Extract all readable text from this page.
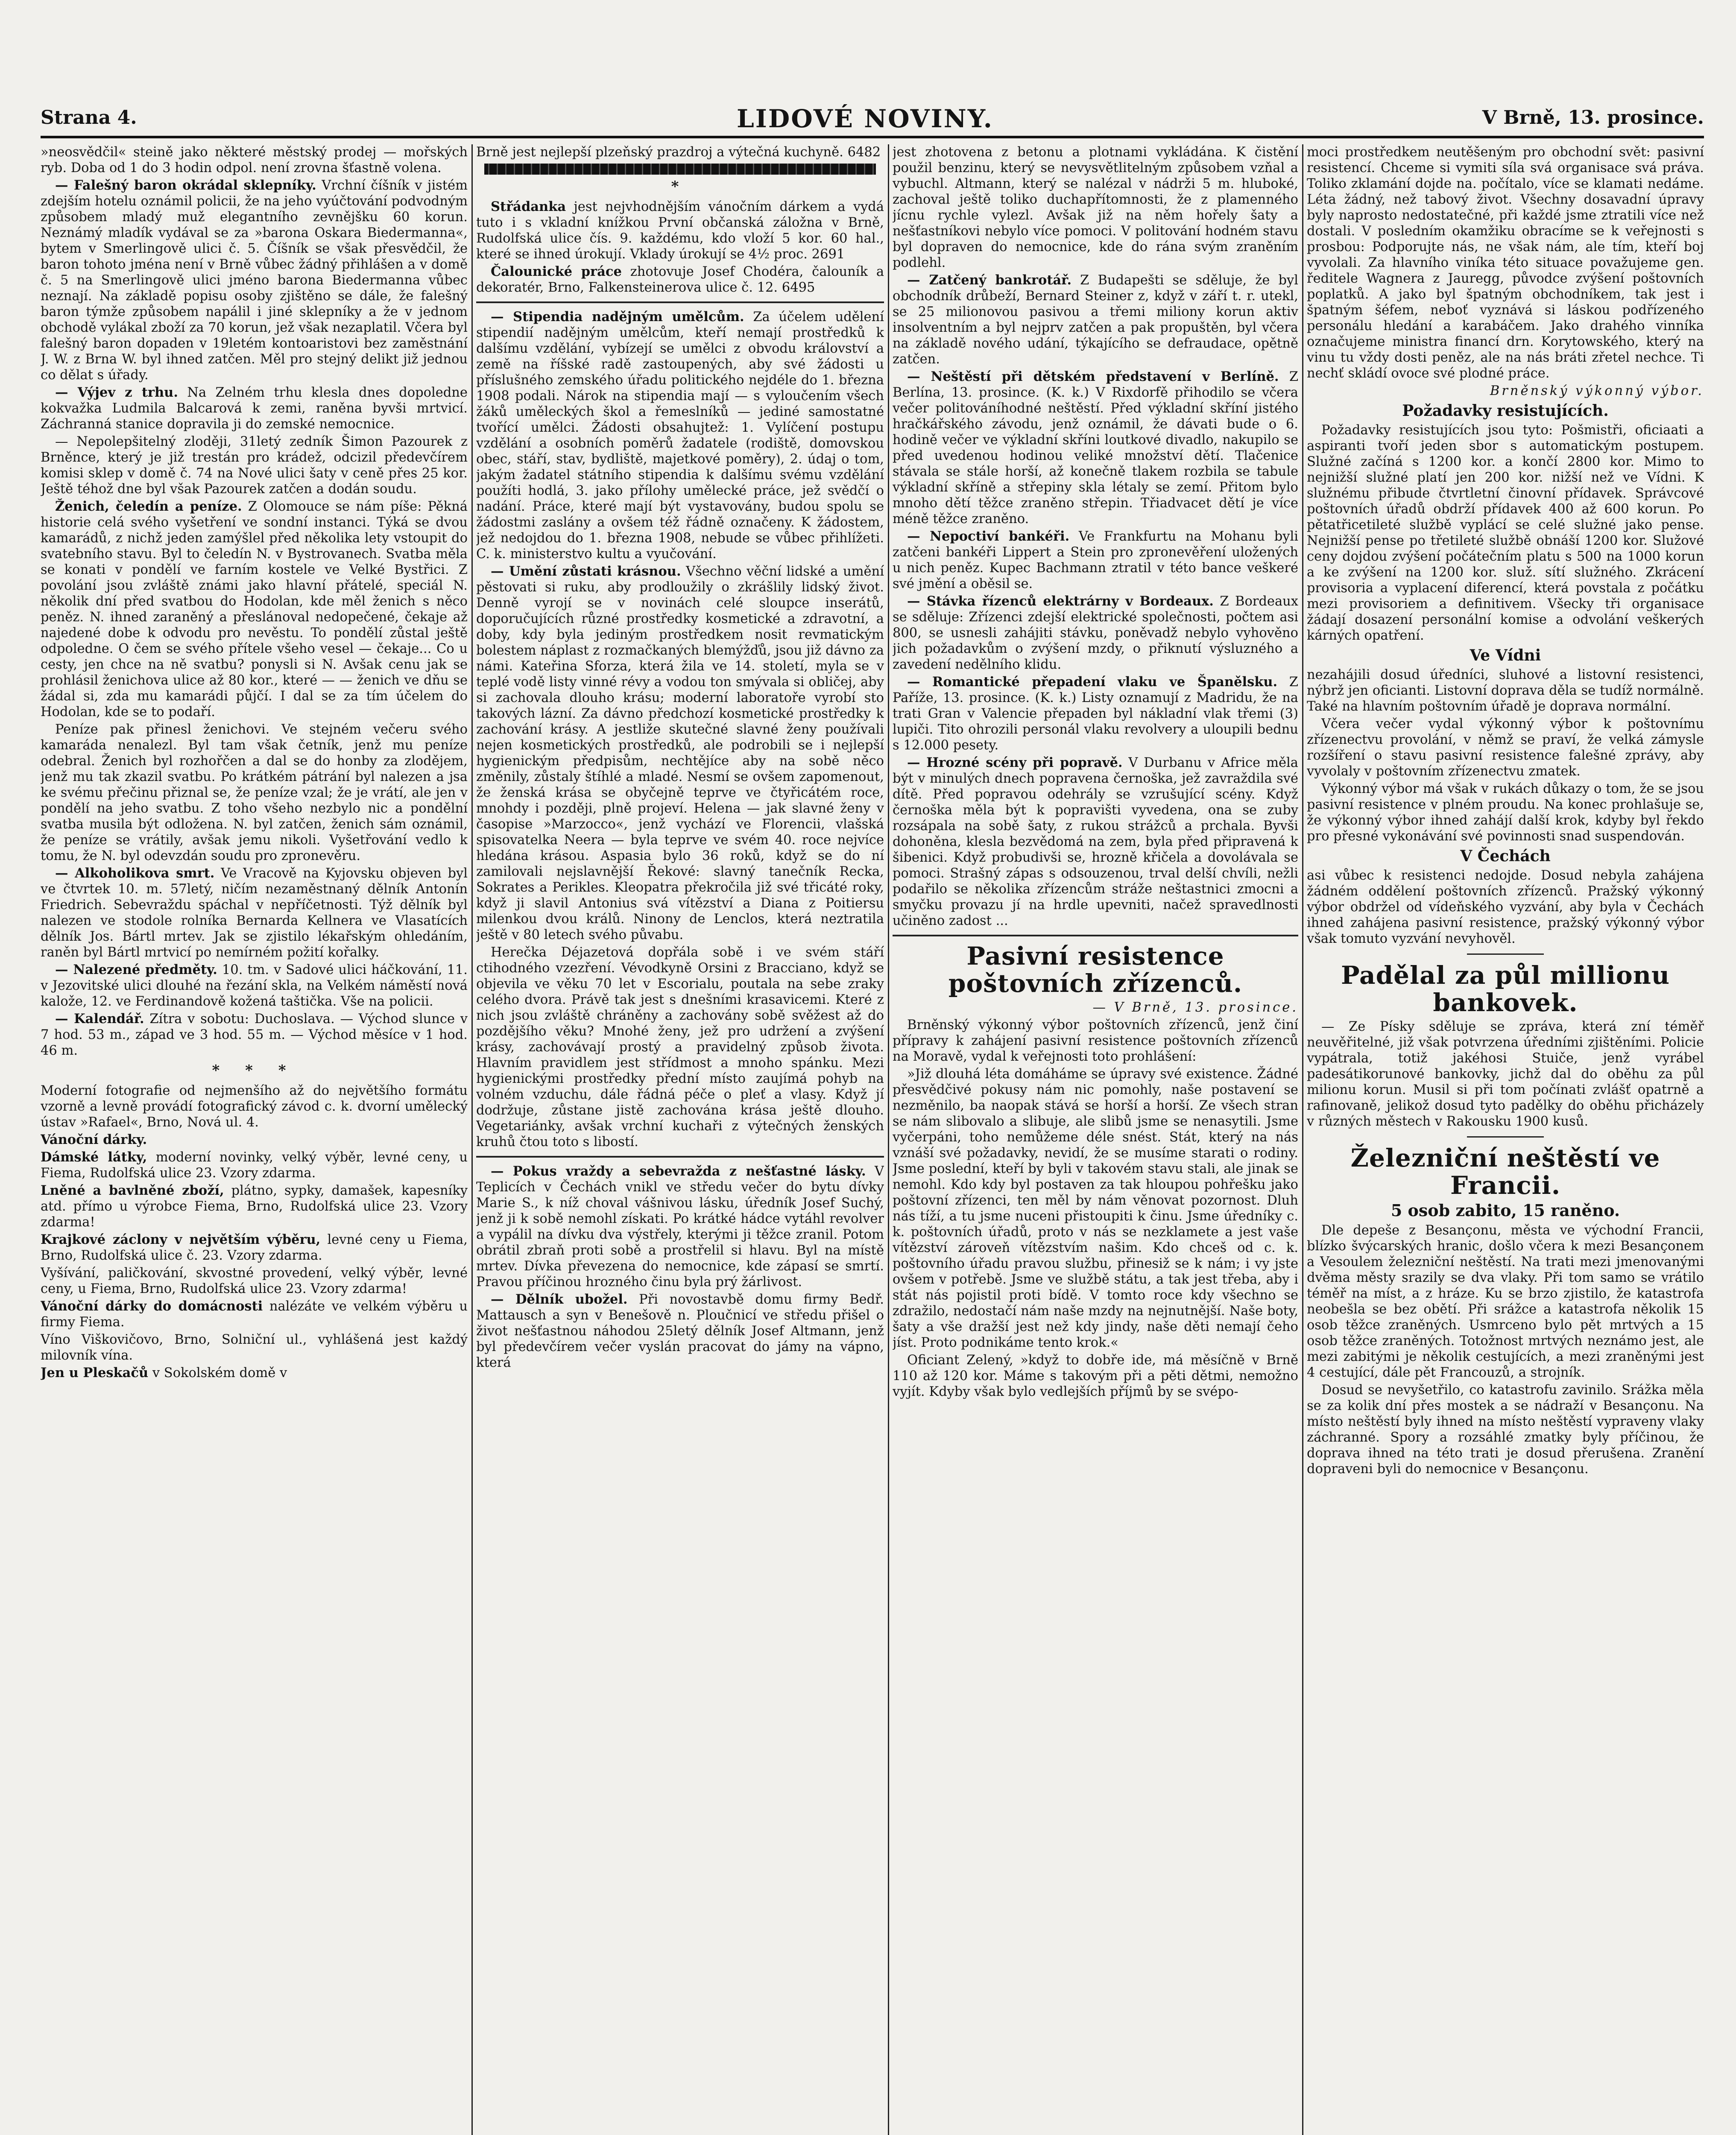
Strana 4.	LIDOVÉ NOVINY.	V Brně, 13. prosince.

»neosvědčil« steině jako některé městský prodej — mořských ryb. Doba od 1 do 3 hodin odpol. není zrovna šťastně volena.

— Falešný baron okrádal sklepníky. Vrchní číšník v jistém zdejším hotelu oznámil policii, že na jeho vyúčtování podvodným způsobem mladý muž elegantního zevnějšku 60 korun. Neznámý mladík vydával se za »barona Oskara Biedermanna«, bytem v Smerlingově ulici č. 5. Číšník se však přesvědčil, že baron tohoto jména není v Brně vůbec žádný přihlášen a v domě č. 5 na Smerlingově ulici jméno barona Biedermanna vůbec neznají. Na základě popisu osoby zjištěno se dále, že falešný baron týmže způsobem napálil i jiné sklepníky a že v jednom obchodě vylákal zboží za 70 korun, jež však nezaplatil. Včera byl falešný baron dopaden v 19letém kontoaristovi bez zaměstnání J. W. z Brna W. byl ihned zatčen. Měl pro stejný delikt již jednou co dělat s úřady.

— Výjev z trhu. Na Zelném trhu klesla dnes dopoledne kokvažka Ludmila Balcarová k zemi, raněna byvši mrtvicí. Záchranná stanice dopravila ji do zemské nemocnice.

— Nepolepšitelný zloději, 31letý zedník Šimon Pazourek z Brněnce, který je již trestán pro krádež, odcizil předevčírem komisi sklep v domě č. 74 na Nové ulici šaty v ceně přes 25 kor. Ještě téhož dne byl však Pazourek zatčen a dodán soudu.

Ženich, čeledín a peníze. Z Olomouce se nám píše: Pěkná historie celá svého vyšetření ve sondní instanci. Týká se dvou kamarádů, z nichž jeden zamýšlel před několika lety vstoupit do svatebního stavu. Byl to čeledín N. v Bystrovanech. Svatba měla se konati v pondělí ve farním kostele ve Velké Bystřici. Z povolání jsou zvláště známi jako hlavní přátelé, speciál N. několik dní před svatbou do Hodolan, kde měl ženich s něco peněz. N. ihned zaraněný a přeslánoval nedopečené, čekaje až najedené dobe k odvodu pro nevěstu. To pondělí zůstal ještě odpoledne. O čem se svého přítele všeho vesel — čekaje... Co u cesty, jen chce na ně svatbu? ponysli si N. Avšak cenu jak se prohlásil ženichova ulice až 80 kor., které — — ženich ve dňu se žádal si, zda mu kamarádi půjčí. I dal se za tím účelem do Hodolan, kde se to podaří.

Peníze pak přinesl ženichovi. Ve stejném večeru svého kamaráda nenalezl. Byl tam však četník, jenž mu peníze odebral. Ženich byl rozhořčen a dal se do honby za zlodějem, jenž mu tak zkazil svatbu. Po krátkém pátrání byl nalezen a jsa ke svému přečinu přiznal se, že peníze vzal; že je vrátí, ale jen v pondělí na jeho svatbu. Z toho všeho nezbylo nic a pondělní svatba musila být odložena. N. byl zatčen, ženich sám oznámil, že peníze se vrátily, avšak jemu nikoli. Vyšetřování vedlo k tomu, že N. byl odevzdán soudu pro zpronevěru.

— Alkoholikova smrt. Ve Vracově na Kyjovsku objeven byl ve čtvrtek 10. m. 57letý, ničím nezaměstnaný dělník Antonín Friedrich. Sebevraždu spáchal v nepříčetnosti. Týž dělník byl nalezen ve stodole rolníka Bernarda Kellnera ve Vlasatících dělník Jos. Bártl mrtev. Jak se zjistilo lékařským ohledáním, raněn byl Bártl mrtvicí po nemírném požití kořalky.

— Nalezené předměty. 10. tm. v Sadové ulici háčkování, 11. v Jezovitské ulici dlouhé na řezání skla, na Velkém náměstí nová kalože, 12. ve Ferdinandově kožená taštička. Vše na policii.

— Kalendář. Zítra v sobotu: Duchoslava. — Východ slunce v 7 hod. 53 m., západ ve 3 hod. 55 m. — Východ měsíce v 1 hod. 46 m.

* * *

Moderní fotografie od nejmenšího až do největšího formátu vzorně a levně provádí fotografický závod c. k. dvorní umělecký ústav »Rafael«, Brno, Nová ul. 4.

Vánoční dárky.

Dámské látky, moderní novinky, velký výběr, levné ceny, u Fiema, Rudolfská ulice 23. Vzory zdarma.

Lněné a bavlněné zboží, plátno, sypky, damašek, kapesníky atd. přímo u výrobce Fiema, Brno, Rudolfská ulice 23. Vzory zdarma!

Krajkové záclony v největším výběru, levné ceny u Fiema, Brno, Rudolfská ulice č. 23. Vzory zdarma.

Vyšívání, paličkování, skvostné provedení, velký výběr, levné ceny, u Fiema, Brno, Rudolfská ulice 23. Vzory zdarma!

Vánoční dárky do domácnosti nalézáte ve velkém výběru u firmy Fiema.

Víno Viškovičovo, Brno, Solniční ul., vyhlášená jest každý milovník vína.

Jen u Pleskačů v Sokolském domě v

Brně jest nejlepší plzeňský prazdroj a výtečná kuchyně. 6482

*

Střádanka jest nejvhodnějším vánočním dárkem a vydá tuto i s vkladní knížkou První občanská záložna v Brně, Rudolfská ulice čís. 9. každému, kdo vloží 5 kor. 60 hal., které se ihned úrokují. Vklady úrokují se 4½ proc. 2691

Čalounické práce zhotovuje Josef Chodéra, čalouník a dekoratér, Brno, Falkensteinerova ulice č. 12. 6495

— Stipendia nadějným umělcům. Za účelem udělení stipendií nadějným umělcům, kteří nemají prostředků k dalšímu vzdělání, vybízejí se umělci z obvodu království a země na říšské radě zastoupených, aby své žádosti u příslušného zemského úřadu politického nejdéle do 1. března 1908 podali. Nárok na stipendia mají — s vyloučením všech žáků uměleckých škol a řemeslníků — jediné samostatné tvořící umělci. Žádosti obsahujtež: 1. Vylíčení postupu vzdělání a osobních poměrů žadatele (rodiště, domovskou obec, stáří, stav, bydliště, majetkové poměry), 2. údaj o tom, jakým žadatel státního stipendia k dalšímu svému vzdělání použíti hodlá, 3. jako přílohy umělecké práce, jež svědčí o nadání. Práce, které mají být vystavovány, budou spolu se žádostmi zaslány a ovšem též řádně označeny. K žádostem, jež nedojdou do 1. března 1908, nebude se vůbec přihlížeti. C. k. ministerstvo kultu a vyučování.

— Umění zůstati krásnou. Všechno věční lidské a umění pěstovati si ruku, aby prodloužily o zkrášlily lidský život. Denně vyrojí se v novinách celé sloupce inserátů, doporučujících různé prostředky kosmetické a zdravotní, a doby, kdy byla jediným prostředkem nosit revmatickým bolestem náplast z rozmačkaných blemýžďů, jsou již dávno za námi. Kateřina Sforza, která žila ve 14. století, myla se v teplé vodě listy vinné révy a vodou ton smývala si obličej, aby si zachovala dlouho krásu; moderní laboratoře vyrobí sto takových lázní. Za dávno předchozí kosmetické prostředky k zachování krásy. A jestliže skutečné slavné ženy používali nejen kosmetických prostředků, ale podrobili se i nejlepší hygienickým předpisům, nechtějíce aby na sobě něco změnily, zůstaly štíhlé a mladé. Nesmí se ovšem zapomenout, že ženská krása se obyčejně teprve ve čtyřicátém roce, mnohdy i později, plně projeví. Helena — jak slavné ženy v časopise »Marzocco«, jenž vychází ve Florencii, vlašská spisovatelka Neera — byla teprve ve svém 40. roce nejvíce hledána krásou. Aspasia bylo 36 roků, když se do ní zamilovali nejslavnější Řekové: slavný tanečník Recka, Sokrates a Perikles. Kleopatra překročila již své třicáté roky, když ji slavil Antonius svá vítězství a Diana z Poitiersu milenkou dvou králů. Ninony de Lenclos, která neztratila ještě v 80 letech svého půvabu.

Herečka Déjazetová dopřála sobě i ve svém stáří ctihodného vzezření. Vévodkyně Orsini z Bracciano, když se objevila ve věku 70 let v Escorialu, poutala na sebe zraky celého dvora. Právě tak jest s dnešními krasavicemi. Které z nich jsou zvláště chráněny a zachovány sobě svěžest až do pozdějšího věku? Mnohé ženy, jež pro udržení a zvýšení krásy, zachovávají prostý a pravidelný způsob života. Hlavním pravidlem jest střídmost a mnoho spánku. Mezi hygienickými prostředky přední místo zaujímá pohyb na volném vzduchu, dále řádná péče o pleť a vlasy. Když jí dodržuje, zůstane jistě zachována krása ještě dlouho. Vegetariánky, avšak vrchní kuchaři z výtečných ženských kruhů čtou toto s libostí.

— Pokus vraždy a sebevražda z nešťastné lásky. V Teplicích v Čechách vnikl ve středu večer do bytu dívky Marie S., k níž choval vášnivou lásku, úředník Josef Suchý, jenž ji k sobě nemohl získati. Po krátké hádce vytáhl revolver a vypálil na dívku dva výstřely, kterými ji těžce zranil. Potom obrátil zbraň proti sobě a prostřelil si hlavu. Byl na místě mrtev. Dívka převezena do nemocnice, kde zápasí se smrtí. Pravou příčinou hrozného činu byla prý žárlivost.

— Dělník ubožel. Při novostavbě domu firmy Bedř. Mattausch a syn v Benešově n. Ploučnicí ve středu přišel o život nešťastnou náhodou 25letý dělník Josef Altmann, jenž byl předevčírem večer vyslán pracovat do jámy na vápno, která

jest zhotovena z betonu a plotnami vykládána. K čistění použil benzinu, který se nevysvětlitelným způsobem vzňal a vybuchl. Altmann, který se nalézal v nádrži 5 m. hluboké, zachoval ještě toliko duchapřítomnosti, že z plamenného jícnu rychle vylezl. Avšak již na něm hořely šaty a nešťastníkovi nebylo více pomoci. V politování hodném stavu byl dopraven do nemocnice, kde do rána svým zraněním podlehl.

— Zatčený bankrotář. Z Budapešti se sděluje, že byl obchodník drůbeží, Bernard Steiner z, když v září t. r. utekl, se 25 milionovou pasivou a třemi miliony korun aktiv insolventním a byl nejprv zatčen a pak propuštěn, byl včera na základě nového udání, týkajícího se defraudace, opětně zatčen.

— Neštěstí při dětském představení v Berlíně. Z Berlína, 13. prosince. (K. k.) V Rixdorfě přihodilo se včera večer politováníhodné neštěstí. Před výkladní skříní jistého hračkářského závodu, jenž oznámil, že dávati bude o 6. hodině večer ve výkladní skříni loutkové divadlo, nakupilo se před uvedenou hodinou veliké množství dětí. Tlačenice stávala se stále horší, až konečně tlakem rozbila se tabule výkladní skříně a střepiny skla létaly se zemí. Přitom bylo mnoho dětí těžce zraněno střepin. Třiadvacet dětí je více méně těžce zraněno.

— Nepoctiví bankéři. Ve Frankfurtu na Mohanu byli zatčeni bankéři Lippert a Stein pro zpronevěření uložených u nich peněz. Kupec Bachmann ztratil v této bance veškeré své jmění a oběsil se.

— Stávka řízenců elektrárny v Bordeaux. Z Bordeaux se sděluje: Zřízenci zdejší elektrické společnosti, počtem asi 800, se usnesli zahájiti stávku, poněvadž nebylo vyhověno jich požadavkům o zvýšení mzdy, o přiknutí výsluzného a zavedení nedělního klidu.

— Romantické přepadení vlaku ve Španělsku. Z Paříže, 13. prosince. (K. k.) Listy oznamují z Madridu, že na trati Gran v Valencie přepaden byl nákladní vlak třemi (3) lupiči. Tito ohrozili personál vlaku revolvery a uloupili bednu s 12.000 pesety.

— Hrozné scény při popravě. V Durbanu v Africe měla být v minulých dnech popravena černoška, jež zavraždila své dítě. Před popravou odehrály se vzrušující scény. Když černoška měla být k popravišti vyvedena, ona se zuby rozsápala na sobě šaty, z rukou strážců a prchala. Byvši dohoněna, klesla bezvědomá na zem, byla před připravená k šibenici. Když probudivši se, hrozně křičela a dovolávala se pomoci. Strašný zápas s odsouzenou, trval delší chvíli, nežli podařilo se několika zřízencům stráže neštastnici zmocni a smyčku provazu jí na hrdle upevniti, načež spravedlnosti učiněno zadost ...

Pasivní resistence poštovních zřízenců.

— V Brně, 13. prosince.

Brněnský výkonný výbor poštovních zřízenců, jenž činí přípravy k zahájení pasivní resistence poštovních zřízenců na Moravě, vydal k veřejnosti toto prohlášení:

»Již dlouhá léta domáháme se úpravy své existence. Žádné přesvědčivé pokusy nám nic pomohly, naše postavení se nezměnilo, ba naopak stává se horší a horší. Ze všech stran se nám slibovalo a slibuje, ale slibů jsme se nenasytili. Jsme vyčerpáni, toho nemůžeme déle snést. Stát, který na nás vznáší své požadavky, nevidí, že se musíme starati o rodiny. Jsme poslední, kteří by byli v takovém stavu stali, ale jinak se nemohl. Kdo kdy byl postaven za tak hloupou pohřešku jako poštovní zřízenci, ten měl by nám věnovat pozornost. Dluh nás tíží, a tu jsme nuceni přistoupiti k činu. Jsme úředníky c. k. poštovních úřadů, proto v nás se nezklamete a jest vaše vítězství zároveň vítězstvím našim. Kdo chceš od c. k. poštovního úřadu pravou službu, přinesiž se k nám; i vy jste ovšem v potřebě. Jsme ve službě státu, a tak jest třeba, aby i stát nás pojistil proti bídě. V tomto roce kdy všechno se zdražilo, nedostačí nám naše mzdy na nejnutnější. Naše boty, šaty a vše dražší jest než kdy jindy, naše děti nemají čeho jíst. Proto podnikáme tento krok.«

Oficiant Zelený, »když to dobře ide, má měsíčně v Brně 110 až 120 kor. Máme s takovým při a pěti dětmi, nemožno vyjít. Kdyby však bylo vedlejších příjmů by se svépo-

moci prostředkem neutěšeným pro obchodní svět: pasivní resistencí. Chceme si vymiti síla svá organisace svá práva. Toliko zklamání dojde na. počítalo, více se klamati nedáme. Léta žádný, než tabový život. Všechny dosavadní úpravy byly naprosto nedostatečné, při každé jsme ztratili více než dostali. V posledním okamžiku obracíme se k veřejnosti s prosbou: Podporujte nás, ne však nám, ale tím, kteří boj vyvolali. Za hlavního viníka této situace považujeme gen. ředitele Wagnera z Jauregg, původce zvýšení poštovních poplatků. A jako byl špatným obchodníkem, tak jest i špatným šéfem, neboť vyznává si láskou podřízeného personálu hledání a karabáčem. Jako drahého vinníka označujeme ministra financí drn. Korytowského, který na vinu tu vždy dosti peněz, ale na nás bráti zřetel nechce. Ti nechť skládí ovoce své plodné práce.

Brněnský výkonný výbor.

Požadavky resistujících.

Požadavky resistujících jsou tyto: Pošmistři, oficiaati a aspiranti tvoří jeden sbor s automatickým postupem. Služné začíná s 1200 kor. a končí 2800 kor. Mimo to nejnižší služné platí jen 200 kor. nižší než ve Vídni. K služnému přibude čtvrtletní činovní přídavek. Správcové poštovních úřadů obdrží přídavek 400 až 600 korun. Po pětatřicetileté službě vyplácí se celé služné jako pense. Nejnižší pense po třetileté službě obnáší 1200 kor. Služové ceny dojdou zvýšení počátečním platu s 500 na 1000 korun a ke zvýšení na 1200 kor. služ. sítí služného. Zkrácení provisoria a vyplacení diferencí, která povstala z počátku mezi provisoriem a definitivem. Všecky tři organisace žádají dosazení personální komise a odvolání veškerých kárných opatření.

Ve Vídni

nezahájili dosud úředníci, sluhové a listovní resistenci, nýbrž jen oficianti. Listovní doprava děla se tudíž normálně. Také na hlavním poštovním úřadě je doprava normální.

Včera večer vydal výkonný výbor k poštovnímu zřízenectvu provolání, v němž se praví, že velká zámysle rozšíření o stavu pasivní resistence falešné zprávy, aby vyvolaly v poštovním zřízenectvu zmatek.

Výkonný výbor má však v rukách důkazy o tom, že se jsou pasivní resistence v plném proudu. Na konec prohlašuje se, že výkonný výbor ihned zahájí další krok, kdyby byl řekdo pro přesné vykonávání své povinnosti snad suspendován.

V Čechách

asi vůbec k resistenci nedojde. Dosud nebyla zahájena žádném oddělení poštovních zřízenců. Pražský výkonný výbor obdržel od vídeňského vyzvání, aby byla v Čechách ihned zahájena pasivní resistence, pražský výkonný výbor však tomuto vyzvání nevyhověl.

Padělal za půl millionu bankovek.

— Ze Písky sděluje se zpráva, která zní téměř neuvěřitelné, již však potvrzena úředními zjištěními. Policie vypátrala, totiž jakéhosi Stuiče, jenž vyrábel padesátikorunové bankovky, jichž dal do oběhu za půl milionu korun. Musil si při tom počínati zvlášť opatrně a rafinovaně, jelikož dosud tyto padělky do oběhu přicházely v různých městech v Rakousku 1900 kusů.

Železniční neštěstí ve Francii.
5 osob zabito, 15 raněno.

Dle depeše z Besançonu, města ve východní Francii, blízko švýcarských hranic, došlo včera k mezi Besançonem a Vesoulem železniční neštěstí. Na trati mezi jmenovanými dvěma městy srazily se dva vlaky. Při tom samo se vrátilo téměř na míst, a z hráze. Ku se brzo zjistilo, že katastrofa neobešla se bez obětí. Při srážce a katastrofa několik 15 osob těžce zraněných. Usmrceno bylo pět mrtvých a 15 osob těžce zraněných. Totožnost mrtvých neznámo jest, ale mezi zabitými je několik cestujících, a mezi zraněnými jest 4 cestující, dále pět Francouzů, a strojník.

Dosud se nevyšetřilo, co katastrofu zavinilo. Srážka měla se za kolik dní přes mostek a se nádraží v Besançonu. Na místo neštěstí byly ihned na místo neštěstí vypraveny vlaky záchranné. Spory a rozsáhlé zmatky byly příčinou, že doprava ihned na této trati je dosud přerušena. Zranění dopraveni byli do nemocnice v Besançonu.
